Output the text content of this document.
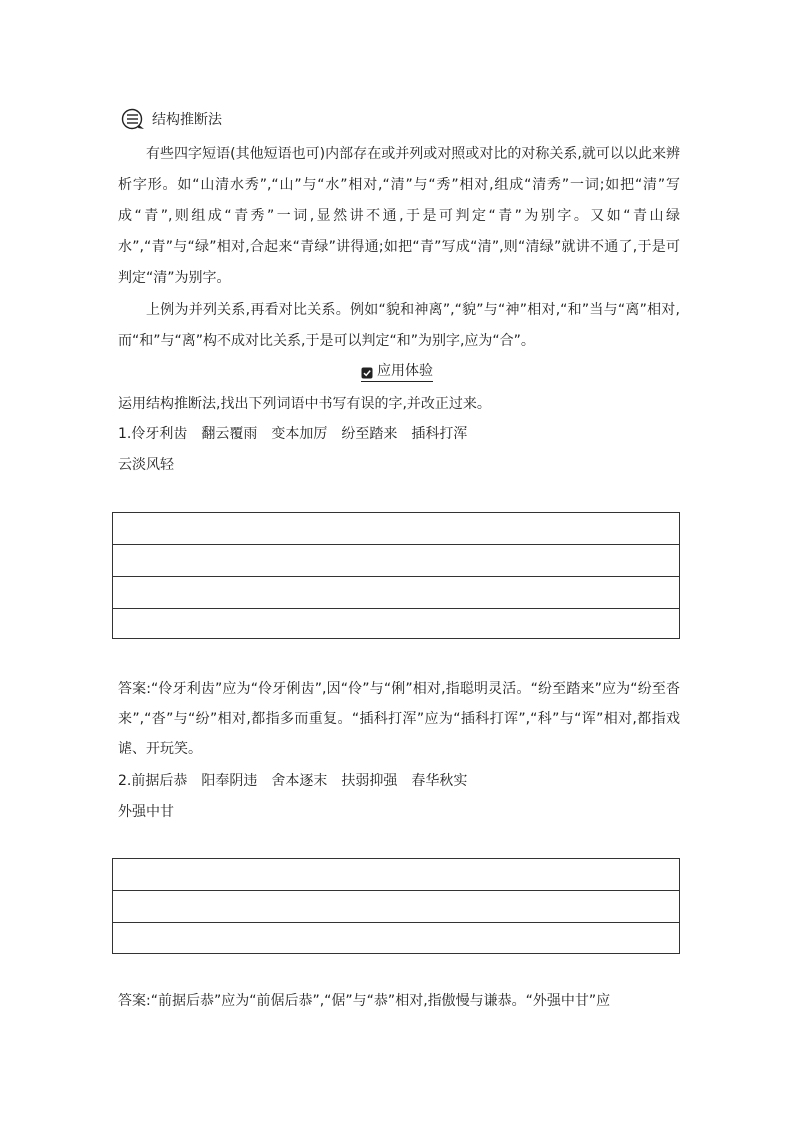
结构推断法

有些四字短语(其他短语也可)内部存在或并列或对照或对比的对称关系,就可以以此来辨析字形。如“山清水秀”,“山”与“水”相对,“清”与“秀”相对,组成“清秀”一词;如把“清”写成“青”,则组成“青秀”一词,显然讲不通,于是可判定“青”为别字。又如“青山绿水”,“青”与“绿”相对,合起来“青绿”讲得通;如把“青”写成“清”,则“清绿”就讲不通了,于是可判定“清”为别字。

上例为并列关系,再看对比关系。例如“貌和神离”,“貌”与“神”相对,“和”当与“离”相对,而“和”与“离”构不成对比关系,于是可以判定“和”为别字,应为“合”。

应用体验

运用结构推断法,找出下列词语中书写有误的字,并改正过来。

1.伶牙利齿　翻云覆雨　变本加厉　纷至踏来　插科打浑

云淡风轻

答案:“伶牙利齿”应为“伶牙俐齿”,因“伶”与“俐”相对,指聪明灵活。“纷至踏来”应为“纷至沓来”,“沓”与“纷”相对,都指多而重复。“插科打浑”应为“插科打诨”,“科”与“诨”相对,都指戏谑、开玩笑。

2.前据后恭　阳奉阴违　舍本逐末　扶弱抑强　春华秋实

外强中甘

答案:“前据后恭”应为“前倨后恭”,“倨”与“恭”相对,指傲慢与谦恭。“外强中甘”应
